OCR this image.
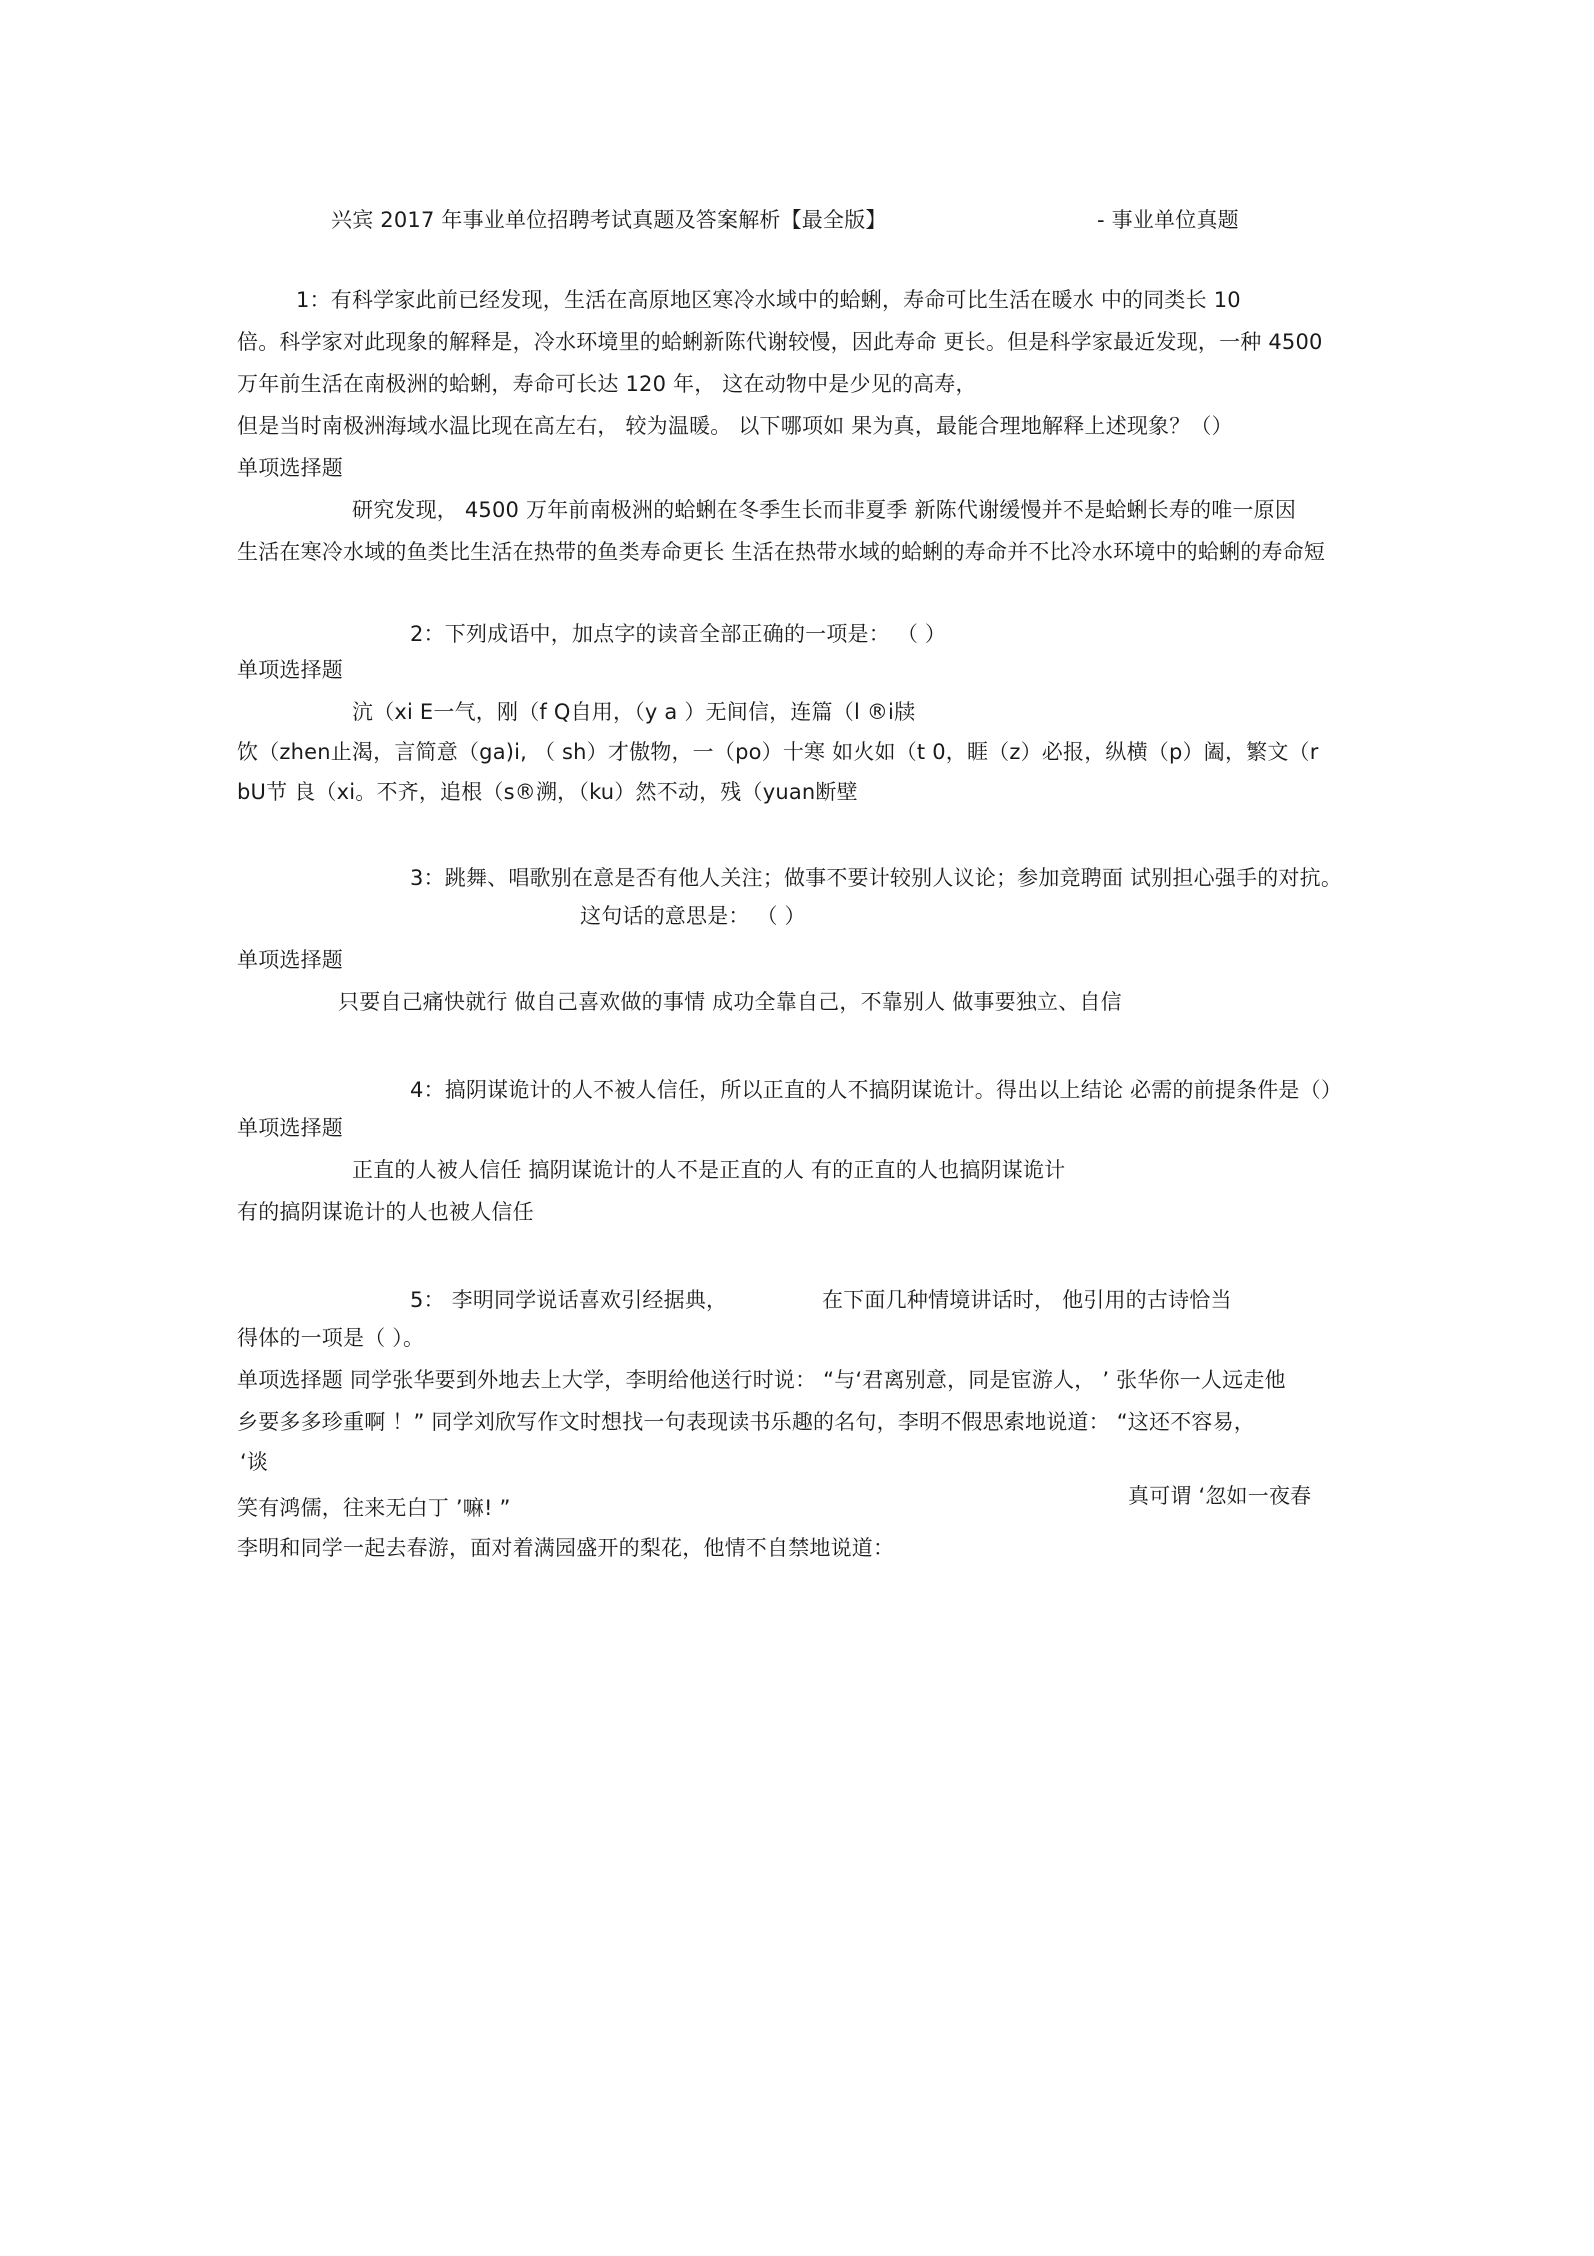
兴宾 2017 年事业单位招聘考试真题及答案解析【最全版】	- 事业单位真题
1：有科学家此前已经发现，生活在高原地区寒冷水域中的蛤蜊，寿命可比生活在暖水 中的同类长 10
倍。科学家对此现象的解释是，冷水环境里的蛤蜊新陈代谢较慢，因此寿命 更长。但是科学家最近发现，一种 4500
万年前生活在南极洲的蛤蜊，寿命可长达 120 年， 这在动物中是少见的高寿，
但是当时南极洲海域水温比现在高左右， 较为温暖。 以下哪项如 果为真，最能合理地解释上述现象？（）
单项选择题
研究发现， 4500 万年前南极洲的蛤蜊在冬季生长而非夏季 新陈代谢缓慢并不是蛤蜊长寿的唯一原因
生活在寒冷水域的鱼类比生活在热带的鱼类寿命更长 生活在热带水域的蛤蜊的寿命并不比冷水环境中的蛤蜊的寿命短
2：下列成语中，加点字的读音全部正确的一项是： （ ）
单项选择题
沆（xi E一气，刚（f Q自用，（y a ）无间信，连篇（l ®i牍
饮（zhen止渴，言简意（ga)i, （ sh）才傲物，一（po）十寒 如火如（t 0，睚（z）必报，纵横（p）阖，繁文（r
bU节 良（xi。不齐，追根（s®溯，（ku）然不动，残（yuan断壁
3：跳舞、唱歌别在意是否有他人关注；做事不要计较别人议论；参加竞聘面 试别担心强手的对抗。
这句话的意思是： （ ）
单项选择题
只要自己痛快就行 做自己喜欢做的事情 成功全靠自己，不靠别人 做事要独立、自信
4：搞阴谋诡计的人不被人信任，所以正直的人不搞阴谋诡计。得出以上结论 必需的前提条件是（）
单项选择题
正直的人被人信任 搞阴谋诡计的人不是正直的人 有的正直的人也搞阴谋诡计
有的搞阴谋诡计的人也被人信任
5： 李明同学说话喜欢引经据典，	在下面几种情境讲话时， 他引用的古诗恰当
得体的一项是（ ）。
单项选择题 同学张华要到外地去上大学，李明给他送行时说： “与‘君离别意，同是宦游人， ’ 张华你一人远走他
乡要多多珍重啊 ！” 同学刘欣写作文时想找一句表现读书乐趣的名句，李明不假思索地说道： “这还不容易，
‘谈
笑有鸿儒，往来无白丁 ’嘛! ”	真可谓 ‘忽如一夜春
李明和同学一起去春游，面对着满园盛开的梨花，他情不自禁地说道：
